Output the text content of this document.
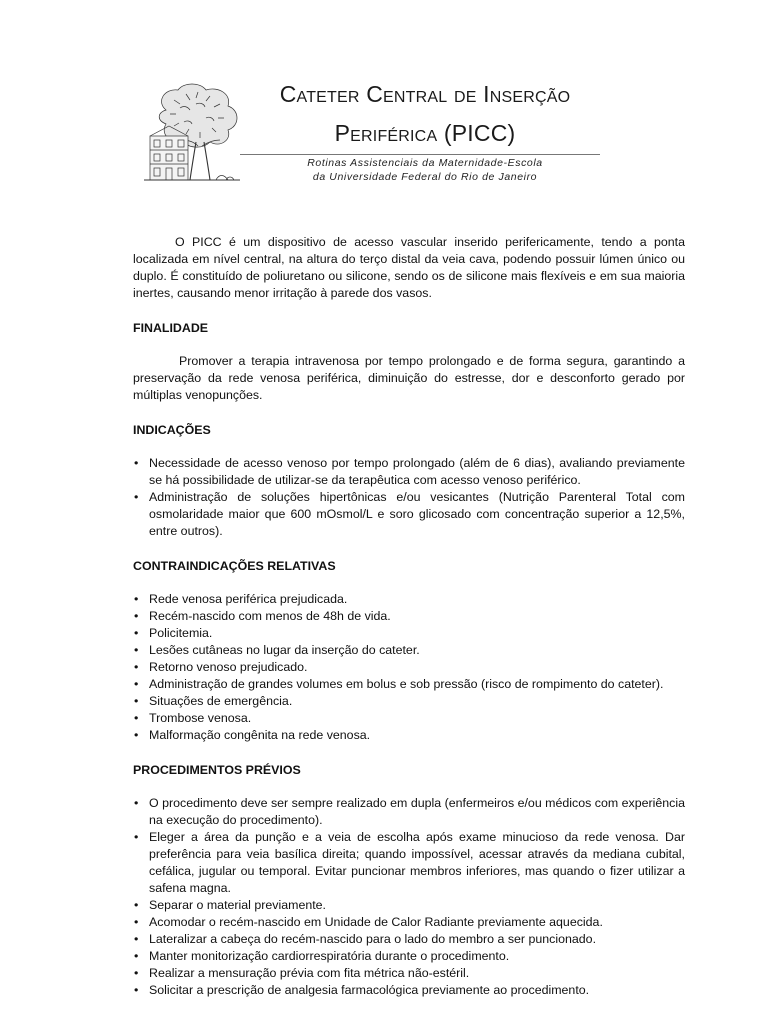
Cateter Central de Inserção
Periférica (PICC)
Rotinas Assistenciais da Maternidade-Escola
da Universidade Federal do Rio de Janeiro

O PICC é um dispositivo de acesso vascular inserido perifericamente, tendo a ponta localizada em nível central, na altura do terço distal da veia cava, podendo possuir lúmen único ou duplo. É constituído de poliuretano ou silicone, sendo os de silicone mais flexíveis e em sua maioria inertes, causando menor irritação à parede dos vasos.

FINALIDADE

Promover a terapia intravenosa por tempo prolongado e de forma segura, garantindo a preservação da rede venosa periférica, diminuição do estresse, dor e desconforto gerado por múltiplas venopunções.

INDICAÇÕES

• Necessidade de acesso venoso por tempo prolongado (além de 6 dias), avaliando previamente se há possibilidade de utilizar-se da terapêutica com acesso venoso periférico.
• Administração de soluções hipertônicas e/ou vesicantes (Nutrição Parenteral Total com osmolaridade maior que 600 mOsmol/L e soro glicosado com concentração superior a 12,5%, entre outros).

CONTRAINDICAÇÕES RELATIVAS

• Rede venosa periférica prejudicada.
• Recém-nascido com menos de 48h de vida.
• Policitemia.
• Lesões cutâneas no lugar da inserção do cateter.
• Retorno venoso prejudicado.
• Administração de grandes volumes em bolus e sob pressão (risco de rompimento do cateter).
• Situações de emergência.
• Trombose venosa.
• Malformação congênita na rede venosa.

PROCEDIMENTOS PRÉVIOS

• O procedimento deve ser sempre realizado em dupla (enfermeiros e/ou médicos com experiência na execução do procedimento).
• Eleger a área da punção e a veia de escolha após exame minucioso da rede venosa. Dar preferência para veia basílica direita; quando impossível, acessar através da mediana cubital, cefálica, jugular ou temporal. Evitar puncionar membros inferiores, mas quando o fizer utilizar a safena magna.
• Separar o material previamente.
• Acomodar o recém-nascido em Unidade de Calor Radiante previamente aquecida.
• Lateralizar a cabeça do recém-nascido para o lado do membro a ser puncionado.
• Manter monitorização cardiorrespiratória durante o procedimento.
• Realizar a mensuração prévia com fita métrica não-estéril.
• Solicitar a prescrição de analgesia farmacológica previamente ao procedimento.
